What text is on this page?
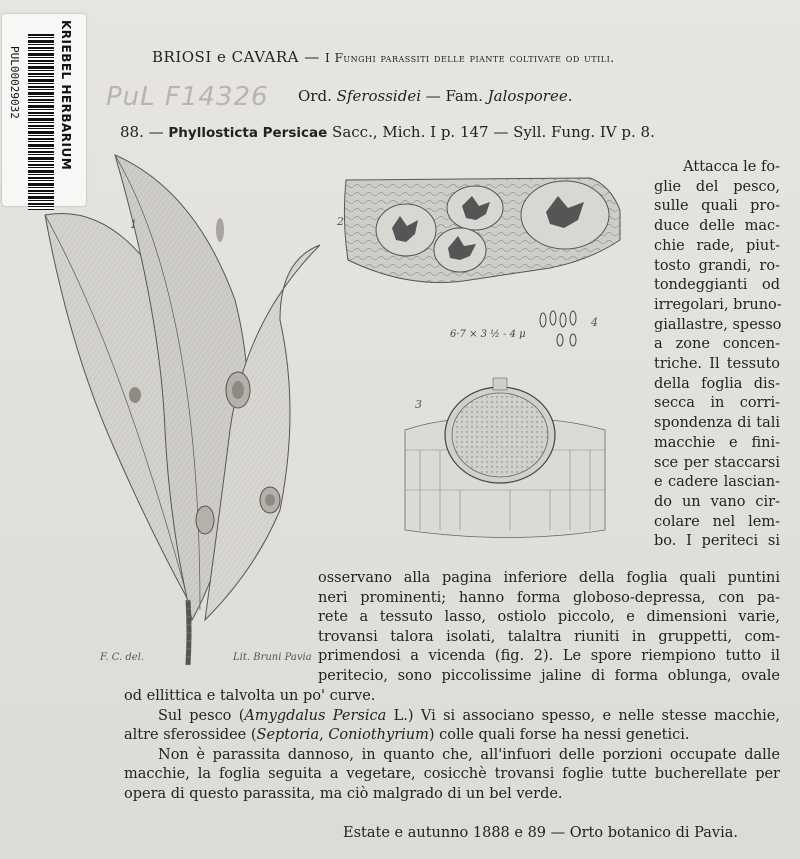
KRIEBEL HERBARIUM
PUL00029032	BRIOSI e CAVARA — I Funghi parassiti delle piante coltivate od utili.
PuL F14326 Ord. Sferossidei — Fam. Jalosporee.
88. — Phyllosticta Persicae Sacc., Mich. I p. 147 — Syll. Fung. IV p. 8.
1	2
3
4
6·7 × 3 ½ - 4 μ
F. C. del.	Lit. Bruni Pavia
Attacca le fo-
glie del pesco,
sulle quali pro-
duce delle mac-
chie rade, piut-
tosto grandi, ro-
tondeggianti od
irregolari, bruno-
giallastre, spesso
a zone concen-
triche. Il tessuto
della foglia dis-
secca in corri-
spondenza di tali
macchie e fini-
sce per staccarsi
e cadere lascian-
do un vano cir-
colare nel lem-
bo. I periteci si
osservano alla pagina inferiore della foglia quali puntini
neri prominenti; hanno forma globoso-depressa, con pa-
rete a tessuto lasso, ostiolo piccolo, e dimensioni varie,
trovansi talora isolati, talaltra riuniti in gruppetti, com-
primendosi a vicenda (fig. 2). Le spore riempiono tutto il
peritecio, sono piccolissime jaline di forma oblunga, ovale
od ellittica e talvolta un po' curve.
Sul pesco (Amygdalus Persica L.) Vi si associano spesso, e nelle stesse macchie,
altre sferossidee (Septoria, Coniothyrium) colle quali forse ha nessi genetici.
Non è parassita dannoso, in quanto che, all'infuori delle porzioni occupate dalle
macchie, la foglia seguita a vegetare, cosicchè trovansi foglie tutte bucherellate per
opera di questo parassita, ma ciò malgrado di un bel verde.
Estate e autunno 1888 e 89 — Orto botanico di Pavia.
